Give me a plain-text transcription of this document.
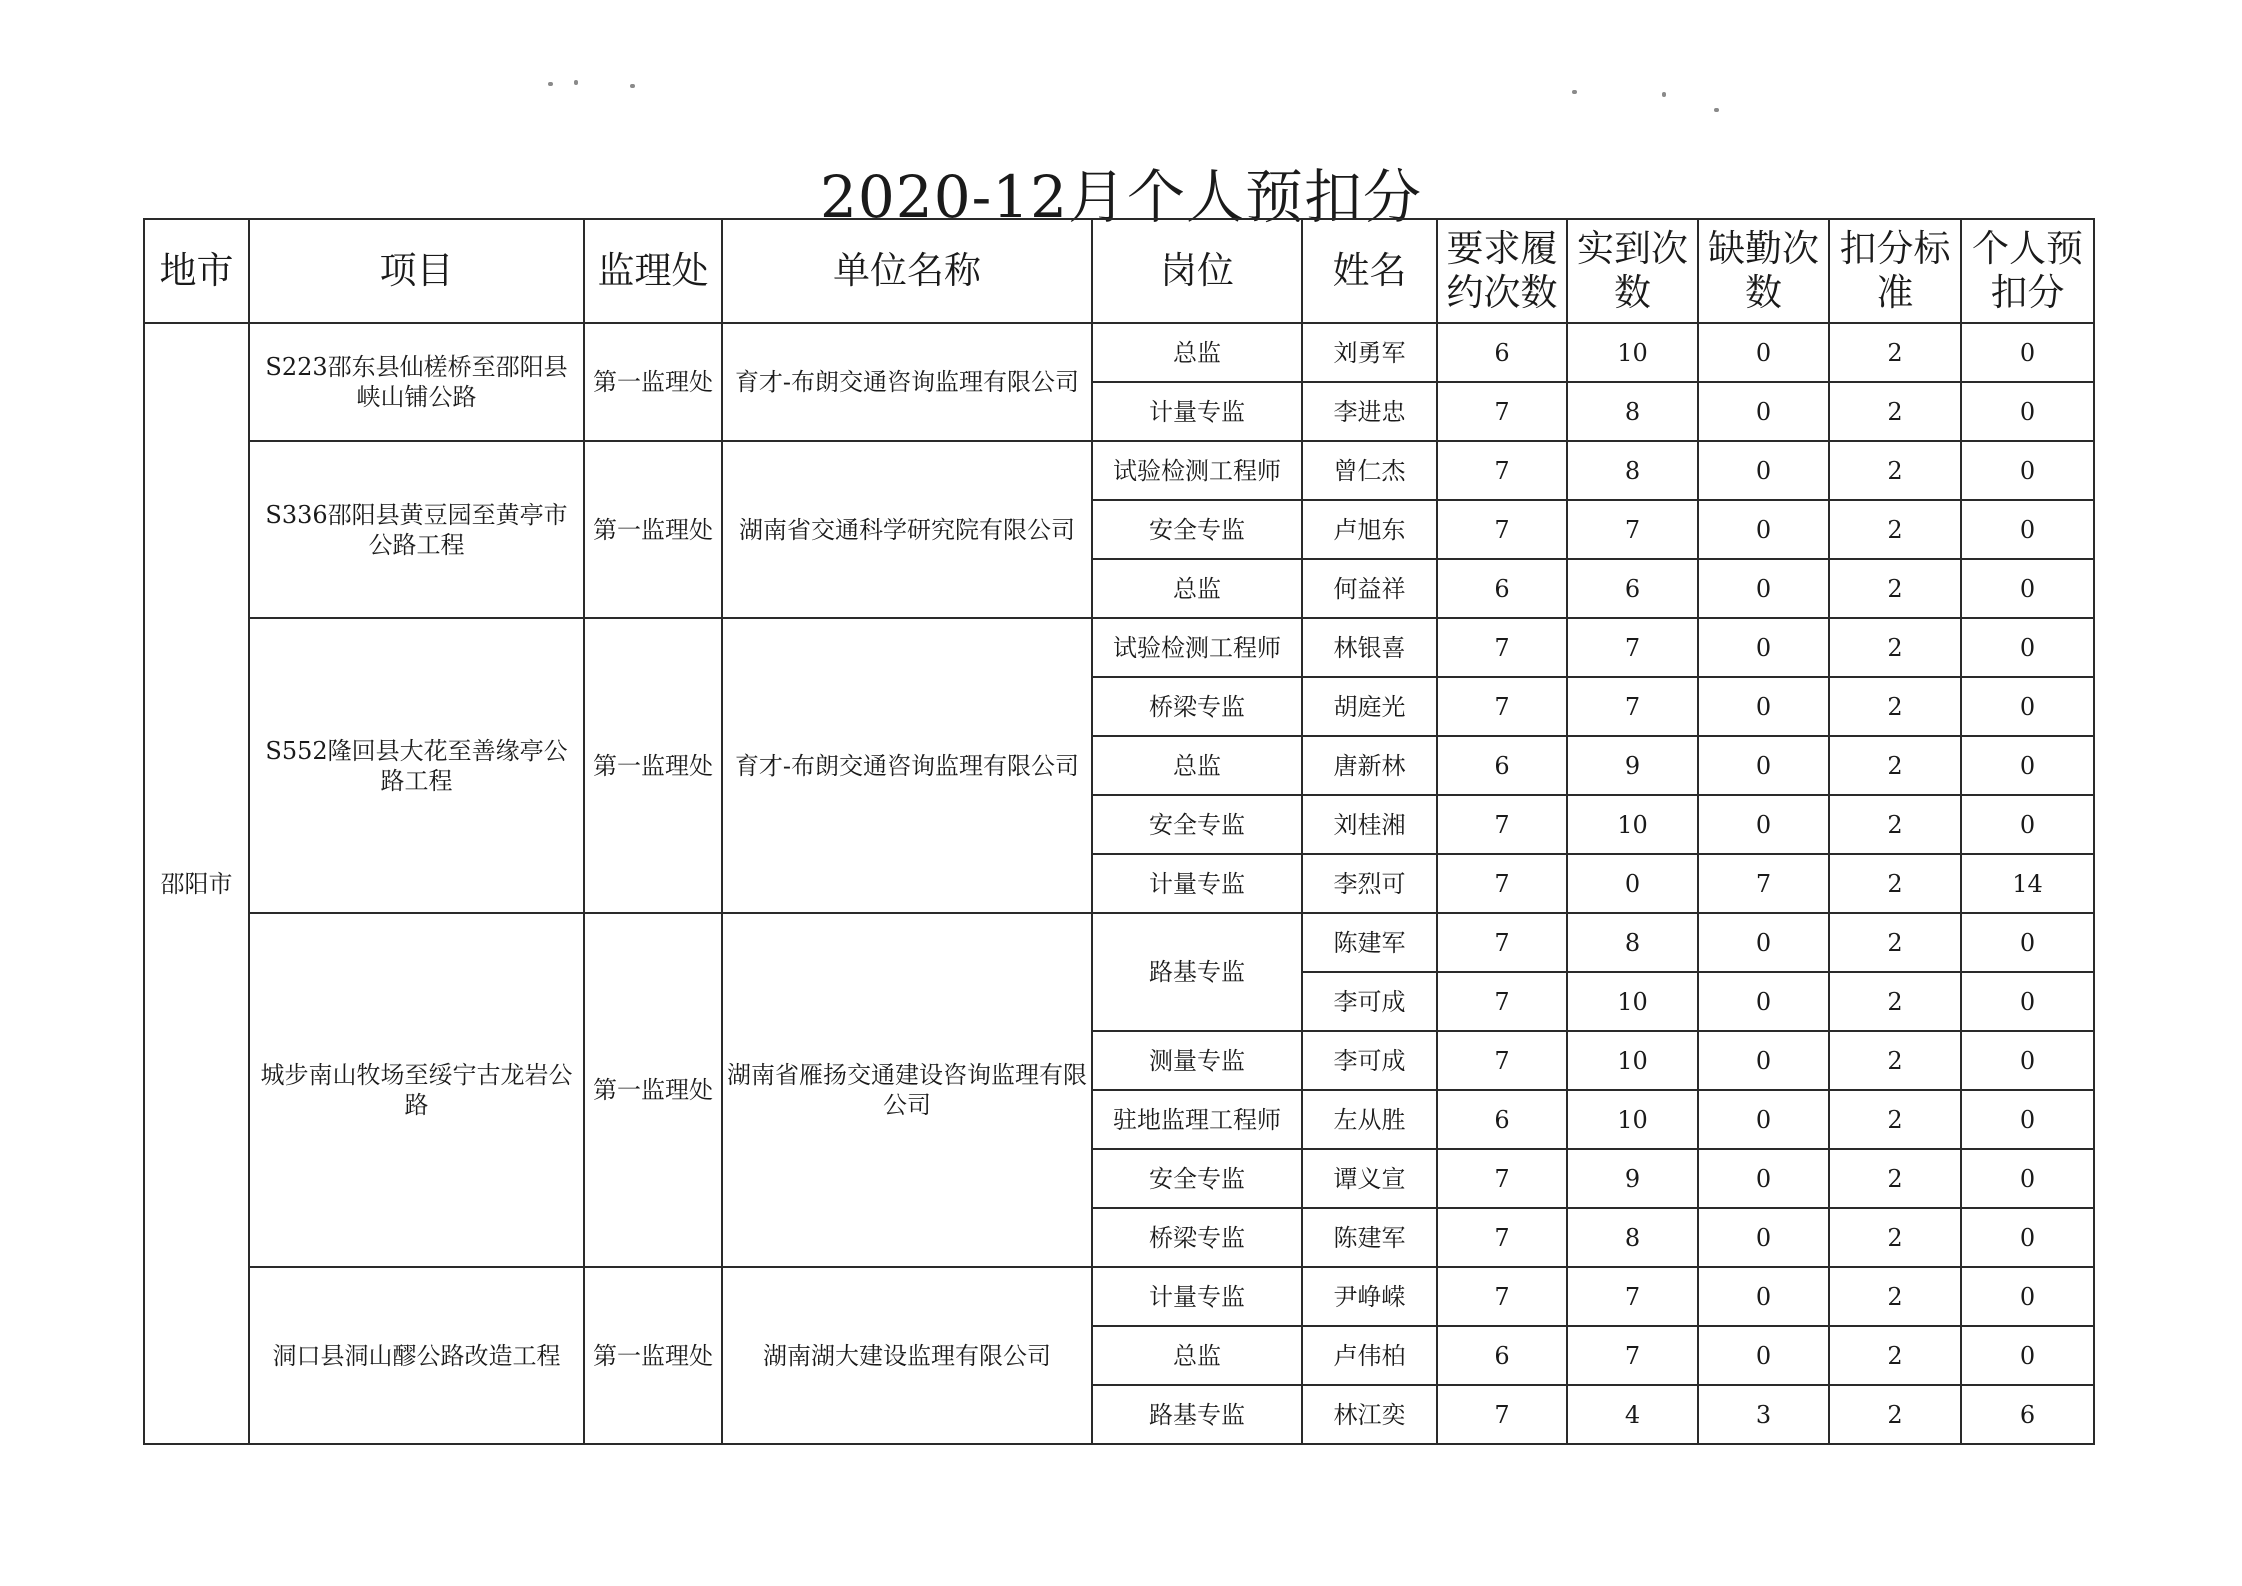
2020-12月个人预扣分
地市	项目	监理处	单位名称	岗位	姓名	要求履约次数	实到次数	缺勤次数	扣分标准	个人预扣分
邵阳市	S223邵东县仙槎桥至邵阳县峡山铺公路	第一监理处	育才-布朗交通咨询监理有限公司	总监	刘勇军	6	10	0	2	0
				计量专监	李进忠	7	8	0	2	0
	S336邵阳县黄豆园至黄亭市公路工程	第一监理处	湖南省交通科学研究院有限公司	试验检测工程师	曾仁杰	7	8	0	2	0
				安全专监	卢旭东	7	7	0	2	0
				总监	何益祥	6	6	0	2	0
	S552隆回县大花至善缘亭公路工程	第一监理处	育才-布朗交通咨询监理有限公司	试验检测工程师	林银喜	7	7	0	2	0
				桥梁专监	胡庭光	7	7	0	2	0
				总监	唐新林	6	9	0	2	0
				安全专监	刘桂湘	7	10	0	2	0
				计量专监	李烈可	7	0	7	2	14
	城步南山牧场至绥宁古龙岩公路	第一监理处	湖南省雁扬交通建设咨询监理有限公司	路基专监	陈建军	7	8	0	2	0
					李可成	7	10	0	2	0
				测量专监	李可成	7	10	0	2	0
				驻地监理工程师	左从胜	6	10	0	2	0
				安全专监	谭义宣	7	9	0	2	0
				桥梁专监	陈建军	7	8	0	2	0
	洞口县洞山醪公路改造工程	第一监理处	湖南湖大建设监理有限公司	计量专监	尹峥嵘	7	7	0	2	0
				总监	卢伟柏	6	7	0	2	0
				路基专监	林江奕	7	4	3	2	6
